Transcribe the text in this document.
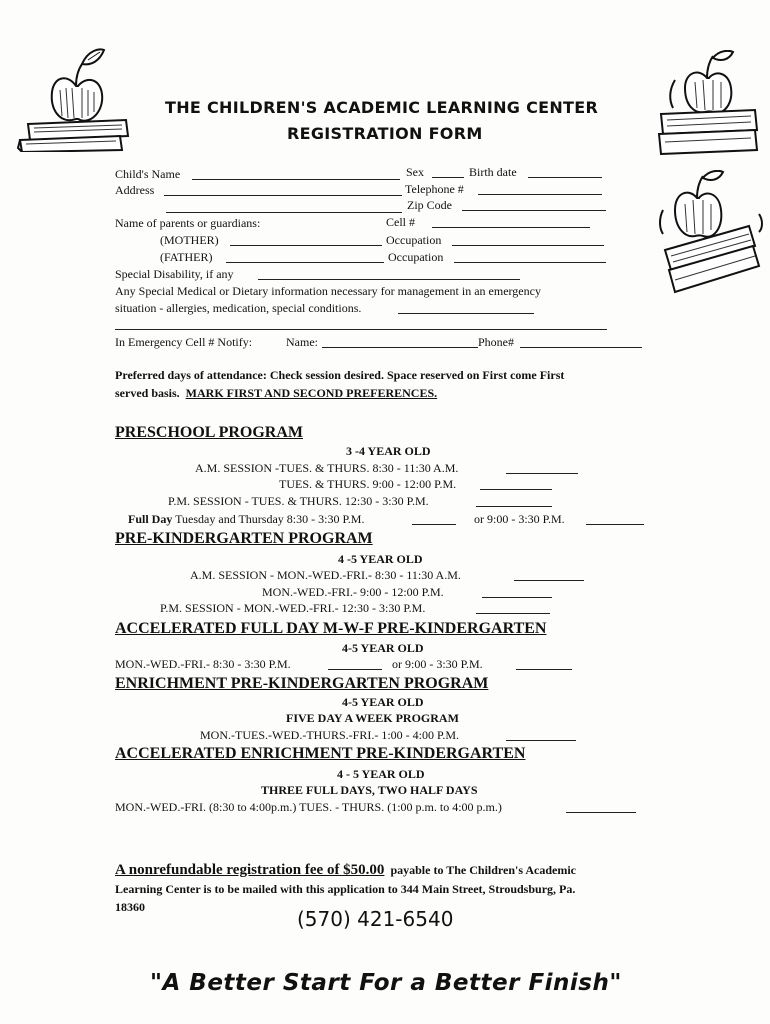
THE CHILDREN'S ACADEMIC LEARNING CENTER
REGISTRATION FORM
Child's Name	Sex	Birth date
Address	Telephone #
Zip Code
Name of parents or guardians:	Cell #
(MOTHER)	Occupation
(FATHER)	Occupation
Special Disability, if any
Any Special Medical or Dietary information necessary for management in an emergency
situation - allergies, medication, special conditions.
In Emergency Cell # Notify:	Name:	Phone#
Preferred days of attendance: Check session desired. Space reserved on First come First
served basis. MARK FIRST AND SECOND PREFERENCES.
PRESCHOOL PROGRAM
3 -4 YEAR OLD
A.M. SESSION -TUES. & THURS. 8:30 - 11:30 A.M.
TUES. & THURS. 9:00 - 12:00 P.M.
P.M. SESSION - TUES. & THURS. 12:30 - 3:30 P.M.
Full Day Tuesday and Thursday 8:30 - 3:30 P.M.	or 9:00 - 3:30 P.M.
PRE-KINDERGARTEN PROGRAM
4 -5 YEAR OLD
A.M. SESSION - MON.-WED.-FRI.- 8:30 - 11:30 A.M.
MON.-WED.-FRI.- 9:00 - 12:00 P.M.
P.M. SESSION - MON.-WED.-FRI.- 12:30 - 3:30 P.M.
ACCELERATED FULL DAY M-W-F PRE-KINDERGARTEN
4-5 YEAR OLD
MON.-WED.-FRI.- 8:30 - 3:30 P.M.	or 9:00 - 3:30 P.M.
ENRICHMENT PRE-KINDERGARTEN PROGRAM
4-5 YEAR OLD
FIVE DAY A WEEK PROGRAM
MON.-TUES.-WED.-THURS.-FRI.- 1:00 - 4:00 P.M.
ACCELERATED ENRICHMENT PRE-KINDERGARTEN
4 - 5 YEAR OLD
THREE FULL DAYS, TWO HALF DAYS
MON.-WED.-FRI. (8:30 to 4:00p.m.) TUES. - THURS. (1:00 p.m. to 4:00 p.m.)
A nonrefundable registration fee of $50.00 payable to The Children's Academic
Learning Center is to be mailed with this application to 344 Main Street, Stroudsburg, Pa.
18360	(570) 421-6540
"A Better Start For a Better Finish"
